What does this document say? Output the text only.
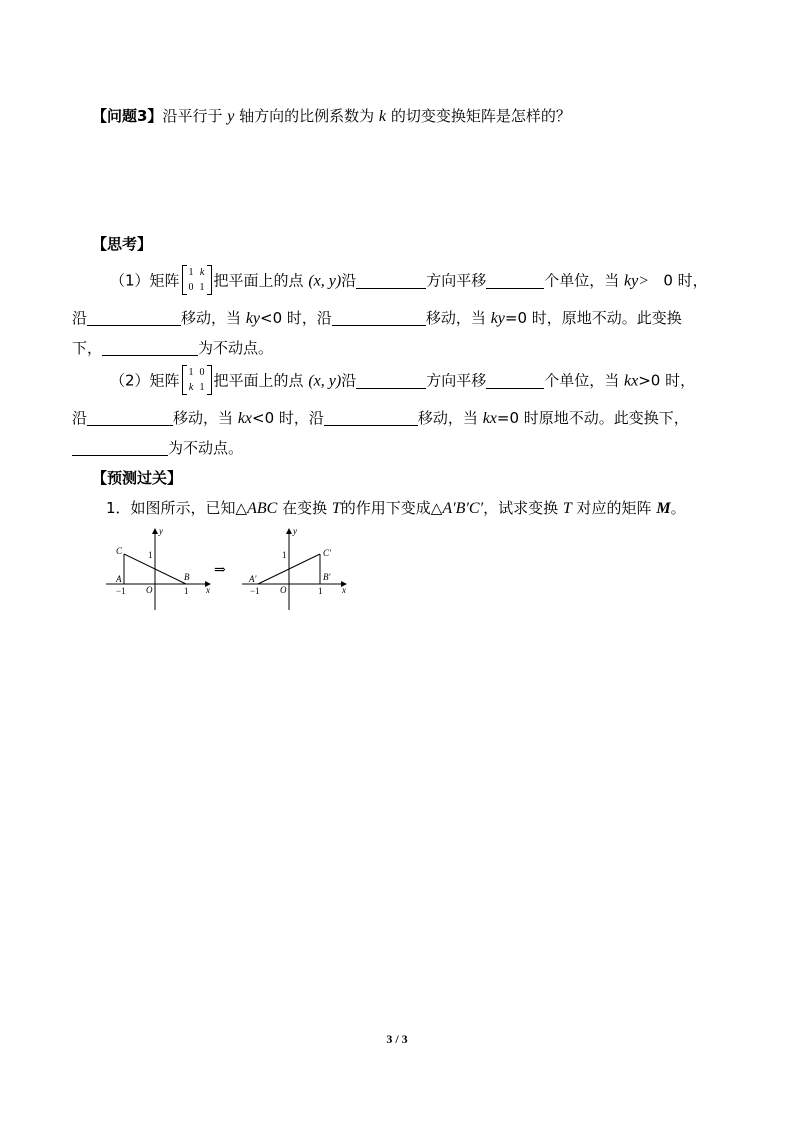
【问题3】沿平行于 y 轴方向的比例系数为 k 的切变变换矩阵是怎样的？
【思考】
（1）矩阵 1	k
0	1 把平面上的点 (x, y)沿	方向平移	个单位，当 ky> 0 时，
沿	移动，当 ky<0 时，沿	移动，当 ky=0 时，原地不动。此变换
下，	为不动点。
（2）矩阵 1	0
k	1 把平面上的点 (x, y)沿	方向平移	个单位，当 kx>0 时，
沿	移动，当 kx<0 时，沿	移动，当 kx=0 时原地不动。此变换下，
为不动点。
【预测过关】
1．如图所示，已知△ABC 在变换 T的作用下变成△A′B′C′，试求变换 T 对应的矩阵 M。
y
x
C
A	B
O
1
−1	1
⇒
y
x
C′
A′	B′
O
1
−1	1
3 / 3
